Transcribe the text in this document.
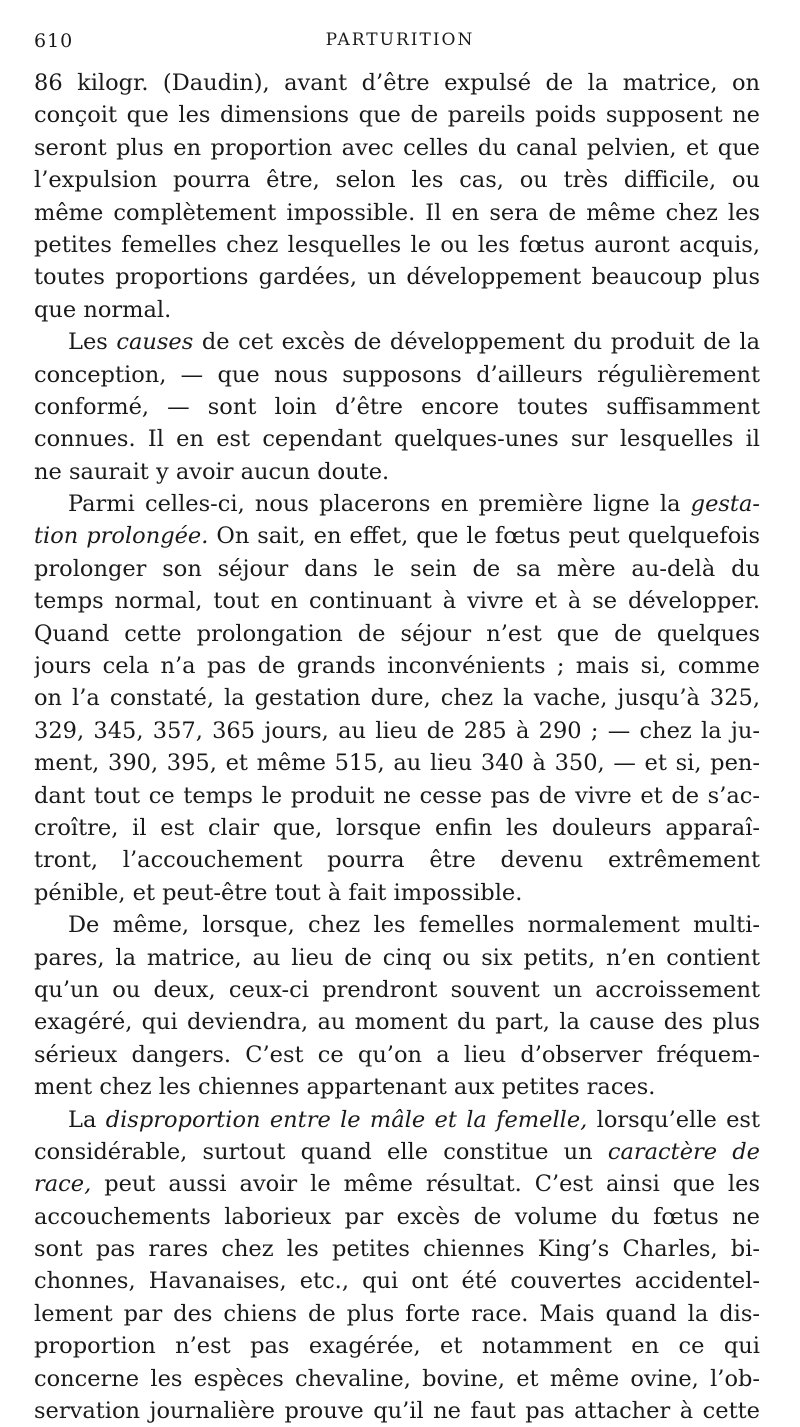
610	PARTURITION
86 kilogr. (Daudin), avant d’être expulsé de la matrice, on
conçoit que les dimensions que de pareils poids supposent ne
seront plus en proportion avec celles du canal pelvien, et que
l’expulsion pourra être, selon les cas, ou très difficile, ou
même complètement impossible. Il en sera de même chez les
petites femelles chez lesquelles le ou les fœtus auront acquis,
toutes proportions gardées, un développement beaucoup plus
que normal.
Les causes de cet excès de développement du produit de la
conception, — que nous supposons d’ailleurs régulièrement
conformé, — sont loin d’être encore toutes suffisamment
connues. Il en est cependant quelques-unes sur lesquelles il
ne saurait y avoir aucun doute.
Parmi celles-ci, nous placerons en première ligne la gesta-
tion prolongée. On sait, en effet, que le fœtus peut quelquefois
prolonger son séjour dans le sein de sa mère au-delà du
temps normal, tout en continuant à vivre et à se développer.
Quand cette prolongation de séjour n’est que de quelques
jours cela n’a pas de grands inconvénients ; mais si, comme
on l’a constaté, la gestation dure, chez la vache, jusqu’à 325,
329, 345, 357, 365 jours, au lieu de 285 à 290 ; — chez la ju-
ment, 390, 395, et même 515, au lieu 340 à 350, — et si, pen-
dant tout ce temps le produit ne cesse pas de vivre et de s’ac-
croître, il est clair que, lorsque enfin les douleurs apparaî-
tront, l’accouchement pourra être devenu extrêmement
pénible, et peut-être tout à fait impossible.
De même, lorsque, chez les femelles normalement multi-
pares, la matrice, au lieu de cinq ou six petits, n’en contient
qu’un ou deux, ceux-ci prendront souvent un accroissement
exagéré, qui deviendra, au moment du part, la cause des plus
sérieux dangers. C’est ce qu’on a lieu d’observer fréquem-
ment chez les chiennes appartenant aux petites races.
La disproportion entre le mâle et la femelle, lorsqu’elle est
considérable, surtout quand elle constitue un caractère de
race, peut aussi avoir le même résultat. C’est ainsi que les
accouchements laborieux par excès de volume du fœtus ne
sont pas rares chez les petites chiennes King’s Charles, bi-
chonnes, Havanaises, etc., qui ont été couvertes accidentel-
lement par des chiens de plus forte race. Mais quand la dis-
proportion n’est pas exagérée, et notamment en ce qui
concerne les espèces chevaline, bovine, et même ovine, l’ob-
servation journalière prouve qu’il ne faut pas attacher à cette
